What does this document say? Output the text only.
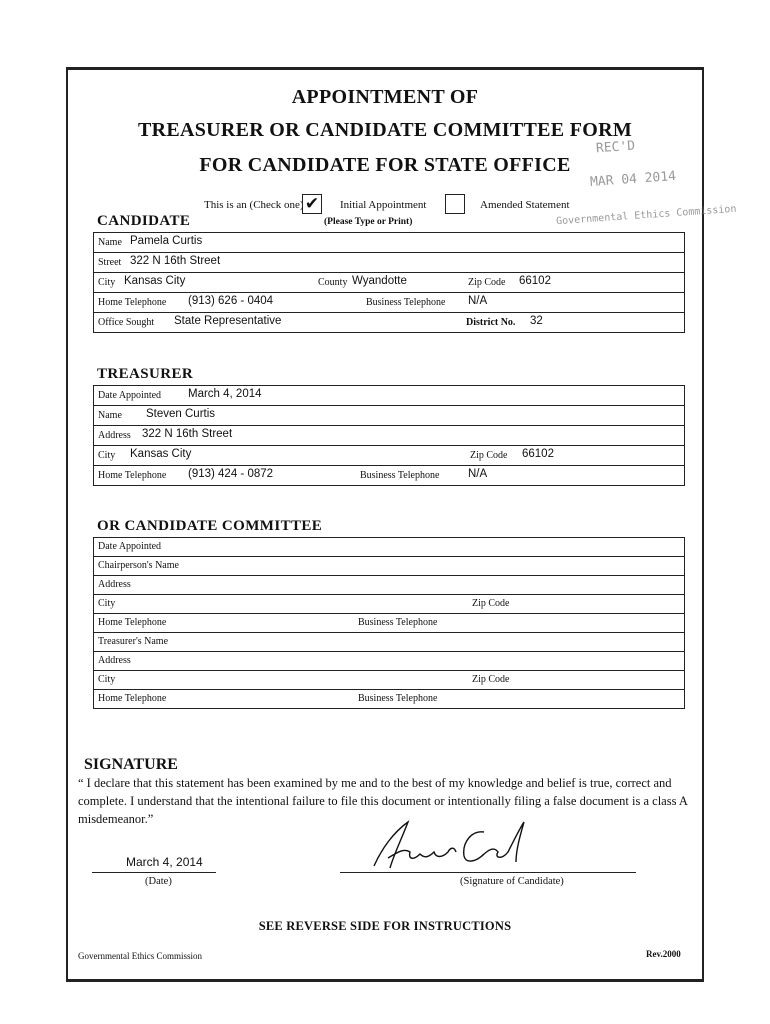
APPOINTMENT OF
TREASURER OR CANDIDATE COMMITTEE FORM
FOR CANDIDATE FOR STATE OFFICE
REC'D
MAR 04 2014
Governmental Ethics Commission
This is an (Check one) ✔ Initial Appointment	Amended Statement
(Please Type or Print)
CANDIDATE
Name Pamela Curtis
Street 322 N 16th Street
City Kansas City	County Wyandotte	Zip Code 66102
Home Telephone (913) 626 - 0404	Business Telephone N/A
Office Sought State Representative	District No. 32
TREASURER
Date Appointed March 4, 2014
Name Steven Curtis
Address 322 N 16th Street
City Kansas City	Zip Code 66102
Home Telephone (913) 424 - 0872	Business Telephone N/A
OR CANDIDATE COMMITTEE
Date Appointed
Chairperson's Name
Address
City	Zip Code
Home Telephone	Business Telephone
Treasurer's Name
Address
City	Zip Code
Home Telephone	Business Telephone
SIGNATURE
“ I declare that this statement has been examined by me and to the best of my knowledge and belief is true, correct and complete. I understand that the intentional failure to file this document or intentionally filing a false document is a class A misdemeanor.”
March 4, 2014
(Date)	(Signature of Candidate)
SEE REVERSE SIDE FOR INSTRUCTIONS
Governmental Ethics Commission	Rev.2000
